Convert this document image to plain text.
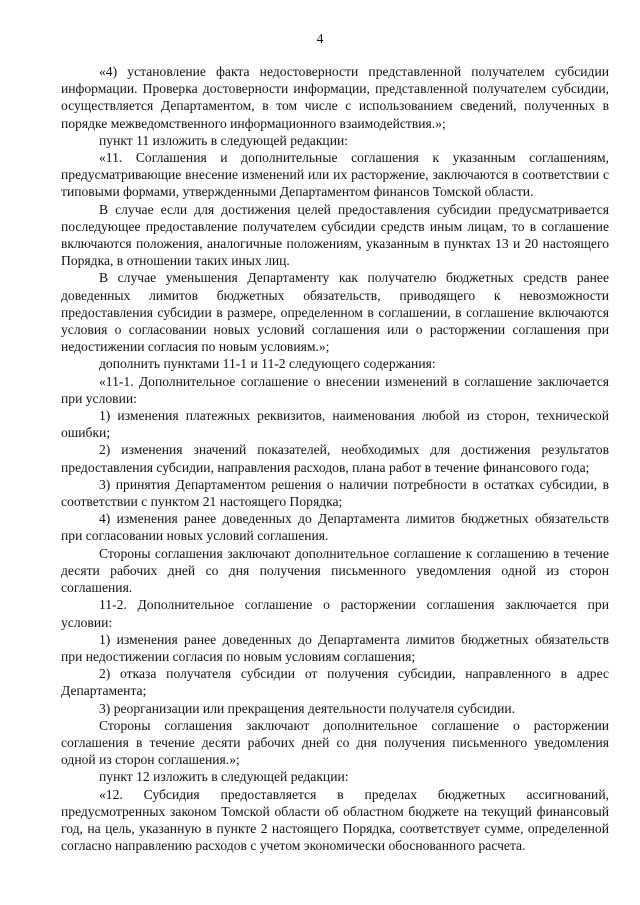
4

«4) установление факта недостоверности представленной получателем субсидии информации. Проверка достоверности информации, представленной получателем субсидии, осуществляется Департаментом, в том числе с использованием сведений, полученных в порядке межведомственного информационного взаимодействия.»;

пункт 11 изложить в следующей редакции:

«11. Соглашения и дополнительные соглашения к указанным соглашениям, предусматривающие внесение изменений или их расторжение, заключаются в соответствии с типовыми формами, утвержденными Департаментом финансов Томской области.

В случае если для достижения целей предоставления субсидии предусматривается последующее предоставление получателем субсидии средств иным лицам, то в соглашение включаются положения, аналогичные положениям, указанным в пунктах 13 и 20 настоящего Порядка, в отношении таких иных лиц.

В случае уменьшения Департаменту как получателю бюджетных средств ранее доведенных лимитов бюджетных обязательств, приводящего к невозможности предоставления субсидии в размере, определенном в соглашении, в соглашение включаются условия о согласовании новых условий соглашения или о расторжении соглашения при недостижении согласия по новым условиям.»;

дополнить пунктами 11-1 и 11-2 следующего содержания:

«11-1. Дополнительное соглашение о внесении изменений в соглашение заключается при условии:

1) изменения платежных реквизитов, наименования любой из сторон, технической ошибки;

2) изменения значений показателей, необходимых для достижения результатов предоставления субсидии, направления расходов, плана работ в течение финансового года;

3) принятия Департаментом решения о наличии потребности в остатках субсидии, в соответствии с пунктом 21 настоящего Порядка;

4) изменения ранее доведенных до Департамента лимитов бюджетных обязательств при согласовании новых условий соглашения.

Стороны соглашения заключают дополнительное соглашение к соглашению в течение десяти рабочих дней со дня получения письменного уведомления одной из сторон соглашения.

11-2. Дополнительное соглашение о расторжении соглашения заключается при условии:

1) изменения ранее доведенных до Департамента лимитов бюджетных обязательств при недостижении согласия по новым условиям соглашения;

2) отказа получателя субсидии от получения субсидии, направленного в адрес Департамента;

3) реорганизации или прекращения деятельности получателя субсидии.

Стороны соглашения заключают дополнительное соглашение о расторжении соглашения в течение десяти рабочих дней со дня получения письменного уведомления одной из сторон соглашения.»;

пункт 12 изложить в следующей редакции:

«12. Субсидия предоставляется в пределах бюджетных ассигнований, предусмотренных законом Томской области об областном бюджете на текущий финансовый год, на цель, указанную в пункте 2 настоящего Порядка, соответствует сумме, определенной согласно направлению расходов с учетом экономически обоснованного расчета.
